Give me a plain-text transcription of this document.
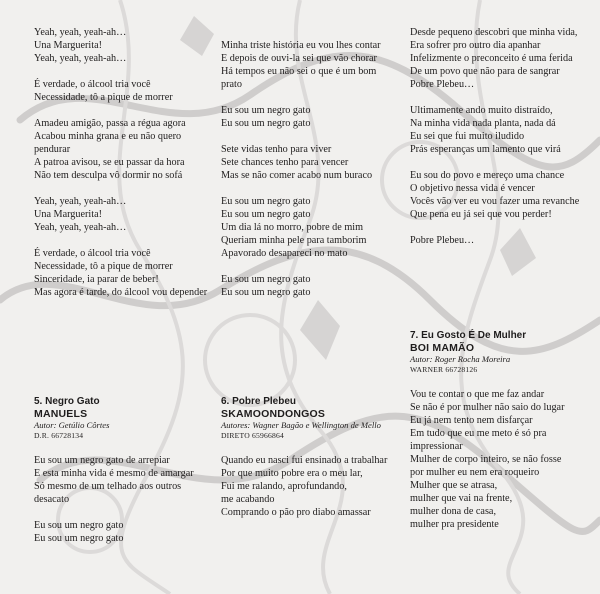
Yeah, yeah, yeah-ah…
Una Marguerita!
Yeah, yeah, yeah-ah…

É verdade, o álcool tria você
Necessidade, tô a pique de morrer

Amadeu amigão, passa a régua agora
Acabou minha grana e eu não quero pendurar
A patroa avisou, se eu passar da hora
Não tem desculpa vô dormir no sofá

Yeah, yeah, yeah-ah…
Una Marguerita!
Yeah, yeah, yeah-ah…

É verdade, o álcool tria você
Necessidade, tô a pique de morrer
Sinceridade, ia parar de beber!
Mas agora é tarde, do álcool vou depender

5. Negro Gato
MANUELS
Autor: Getúlio Côrtes
D.R. 66728134

Eu sou um negro gato de arrepiar
E esta minha vida é mesmo de amargar
Só mesmo de um telhado aos outros desacato

Eu sou um negro gato
Eu sou um negro gato

Minha triste história eu vou lhes contar
E depois de ouvi-la sei que vão chorar
Há tempos eu não sei o que é um bom prato

Eu sou um negro gato
Eu sou um negro gato

Sete vidas tenho para viver
Sete chances tenho para vencer
Mas se não comer acabo num buraco

Eu sou um negro gato
Eu sou um negro gato
Um dia lá no morro, pobre de mim
Queriam minha pele para tamborim
Apavorado desapareci no mato

Eu sou um negro gato
Eu sou um negro gato

6. Pobre Plebeu
SKAMOONDONGOS
Autores: Wagner Bagão e Wellington de Mello
DIRETO 65966864

Quando eu nasci fui ensinado a trabalhar
Por que muito pobre era o meu lar,
Fui me ralando, aprofundando,
me acabando
Comprando o pão pro diabo amassar

Desde pequeno descobri que minha vida,
Era sofrer pro outro dia apanhar
Infelizmente o preconceito é uma ferida
De um povo que não para de sangrar
Pobre Plebeu…

Ultimamente ando muito distraído,
Na minha vida nada planta, nada dá
Eu sei que fui muito iludido
Prás esperanças um lamento que virá

Eu sou do povo e mereço uma chance
O objetivo nessa vida é vencer
Vocês vão ver eu vou fazer uma revanche
Que pena eu já sei que vou perder!

Pobre Plebeu…

7. Eu Gosto É De Mulher
BOI MAMÃO
Autor: Roger Rocha Moreira
WARNER 66728126

Vou te contar o que me faz andar
Se não é por mulher não saio do lugar
Eu já nem tento nem disfarçar
Em tudo que eu me meto é só pra impressionar
Mulher de corpo inteiro, se não fosse
por mulher eu nem era roqueiro
Mulher que se atrasa,
mulher que vai na frente,
mulher dona de casa,
mulher pra presidente
